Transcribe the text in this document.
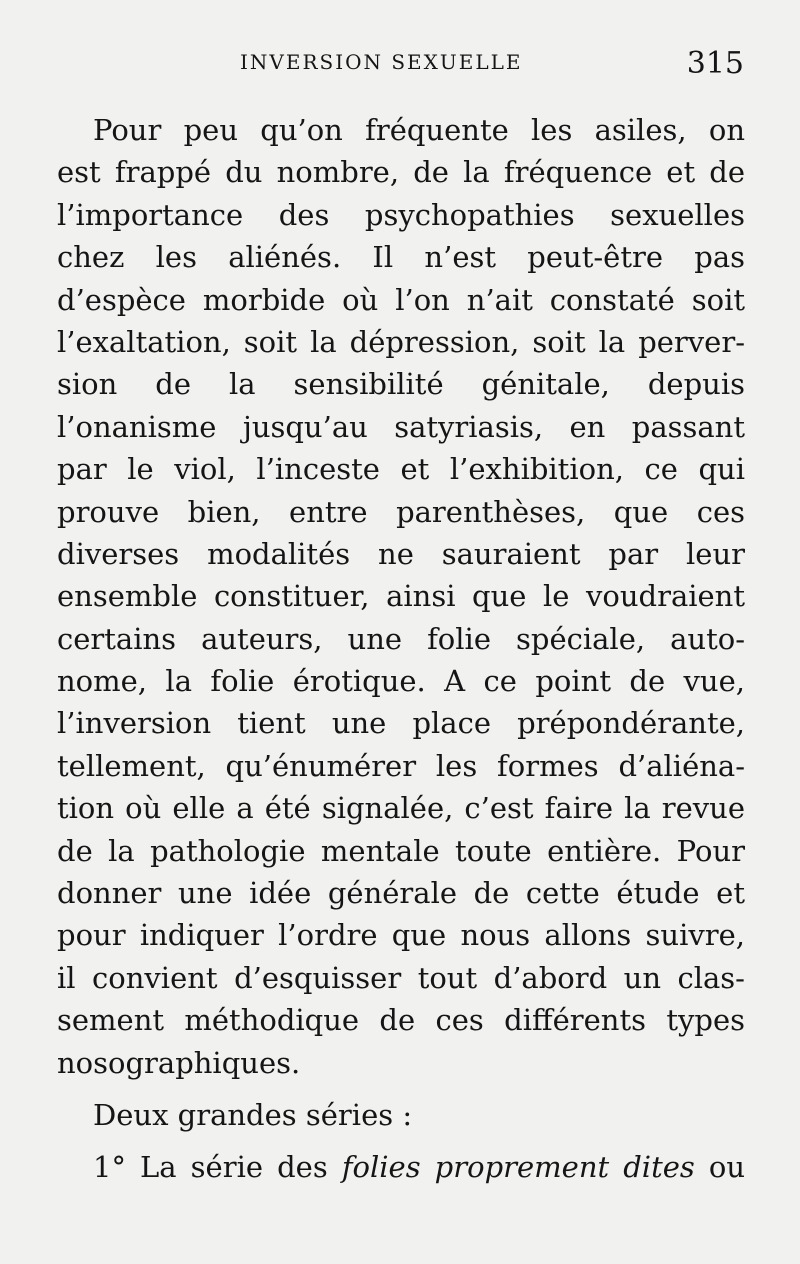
INVERSION SEXUELLE	315
Pour peu qu’on fréquente les asiles, on
est frappé du nombre, de la fréquence et de
l’importance des psychopathies sexuelles
chez les aliénés. Il n’est peut-être pas
d’espèce morbide où l’on n’ait constaté soit
l’exaltation, soit la dépression, soit la perver-
sion de la sensibilité génitale, depuis
l’onanisme jusqu’au satyriasis, en passant
par le viol, l’inceste et l’exhibition, ce qui
prouve bien, entre parenthèses, que ces
diverses modalités ne sauraient par leur
ensemble constituer, ainsi que le voudraient
certains auteurs, une folie spéciale, auto-
nome, la folie érotique. A ce point de vue,
l’inversion tient une place prépondérante,
tellement, qu’énumérer les formes d’aliéna-
tion où elle a été signalée, c’est faire la revue
de la pathologie mentale toute entière. Pour
donner une idée générale de cette étude et
pour indiquer l’ordre que nous allons suivre,
il convient d’esquisser tout d’abord un clas-
sement méthodique de ces différents types
nosographiques.
Deux grandes séries :
1° La série des folies proprement dites ou
